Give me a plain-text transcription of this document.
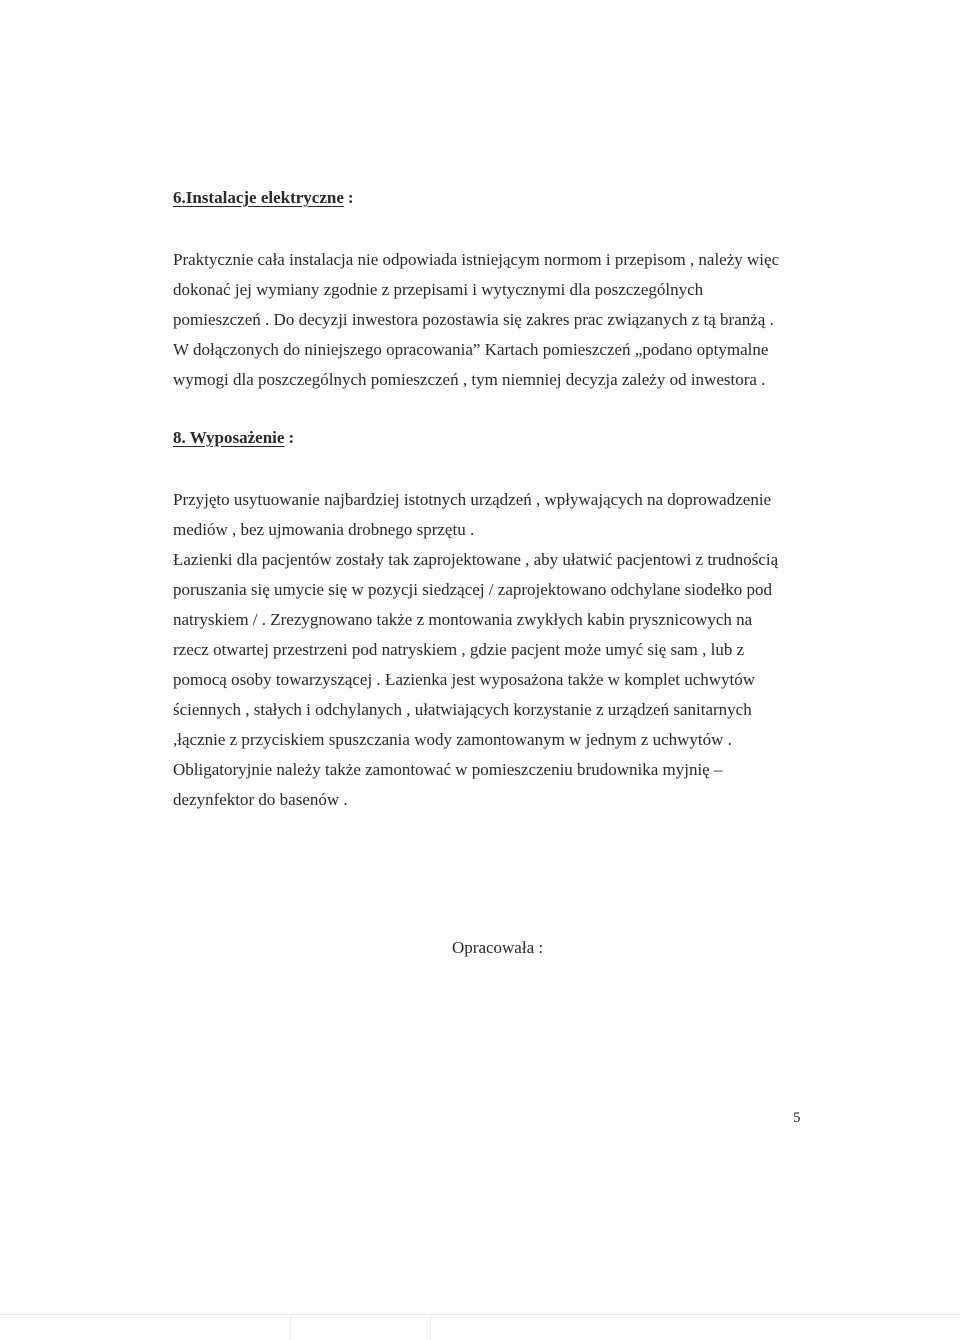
6.Instalacje elektryczne :
Praktycznie cała instalacja nie odpowiada istniejącym normom i przepisom , należy więc
dokonać jej wymiany zgodnie z przepisami i wytycznymi dla poszczególnych
pomieszczeń . Do decyzji inwestora pozostawia się zakres prac związanych z tą branżą .
W dołączonych do niniejszego opracowania” Kartach pomieszczeń „podano optymalne
wymogi dla poszczególnych pomieszczeń , tym niemniej decyzja zależy od inwestora .
8. Wyposażenie :
Przyjęto usytuowanie najbardziej istotnych urządzeń , wpływających na doprowadzenie
mediów , bez ujmowania drobnego sprzętu .
Łazienki dla pacjentów zostały tak zaprojektowane , aby ułatwić pacjentowi z trudnością
poruszania się umycie się w pozycji siedzącej / zaprojektowano odchylane siodełko pod
natryskiem / . Zrezygnowano także z montowania zwykłych kabin prysznicowych na
rzecz otwartej przestrzeni pod natryskiem , gdzie pacjent może umyć się sam , lub z
pomocą osoby towarzyszącej . Łazienka jest wyposażona także w komplet uchwytów
ściennych , stałych i odchylanych , ułatwiających korzystanie z urządzeń sanitarnych
,łącznie z przyciskiem spuszczania wody zamontowanym w jednym z uchwytów .
Obligatoryjnie należy także zamontować w pomieszczeniu brudownika myjnię –
dezynfektor do basenów .

Opracowała :

5
